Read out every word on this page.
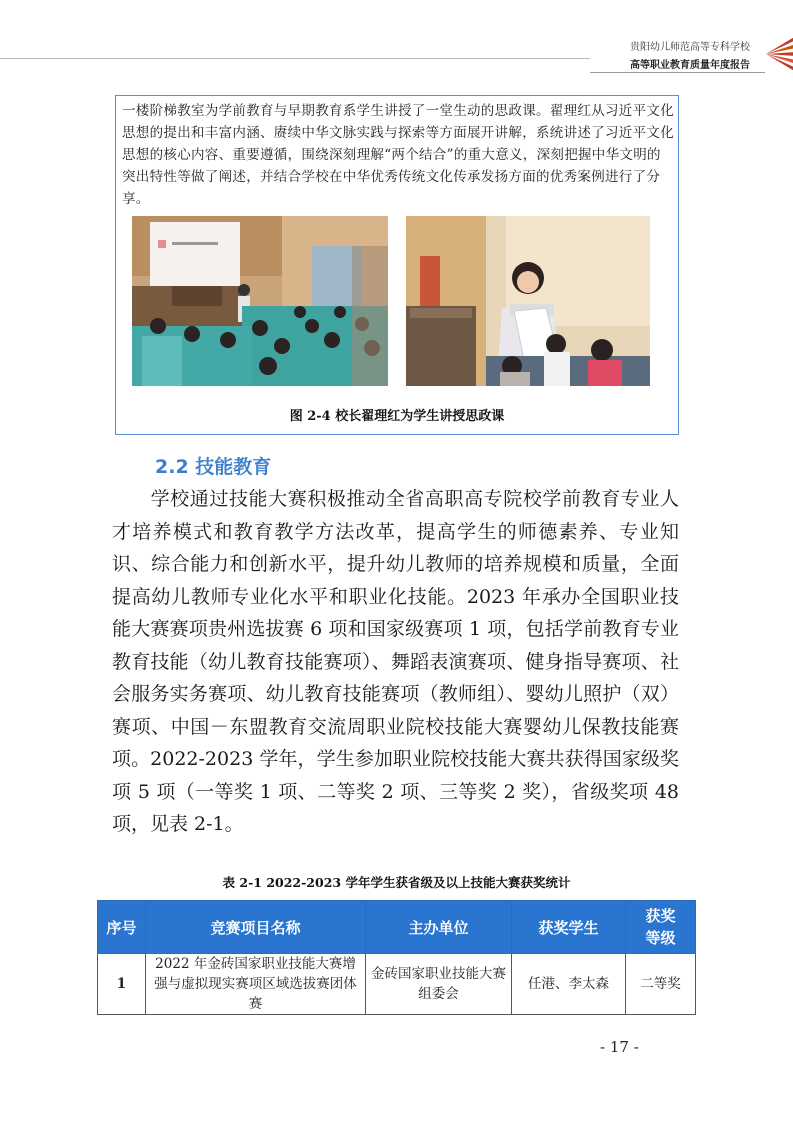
贵阳幼儿师范高等专科学校
高等职业教育质量年度报告
一楼阶梯教室为学前教育与早期教育系学生讲授了一堂生动的思政课。翟理红从习近平文化思想的提出和丰富内涵、赓续中华文脉实践与探索等方面展开讲解，系统讲述了习近平文化思想的核心内容、重要遵循，围绕深刻理解“两个结合”的重大意义，深刻把握中华文明的突出特性等做了阐述，并结合学校在中华优秀传统文化传承发扬方面的优秀案例进行了分享。
图 2-4 校长翟理红为学生讲授思政课
2.2 技能教育
学校通过技能大赛积极推动全省高职高专院校学前教育专业人才培养模式和教育教学方法改革，提高学生的师德素养、专业知识、综合能力和创新水平，提升幼儿教师的培养规模和质量，全面提高幼儿教师专业化水平和职业化技能。2023 年承办全国职业技能大赛赛项贵州选拔赛 6 项和国家级赛项 1 项，包括学前教育专业教育技能（幼儿教育技能赛项）、舞蹈表演赛项、健身指导赛项、社会服务实务赛项、幼儿教育技能赛项（教师组）、婴幼儿照护（双）赛项、中国－东盟教育交流周职业院校技能大赛婴幼儿保教技能赛项。2022-2023 学年，学生参加职业院校技能大赛共获得国家级奖项 5 项（一等奖 1 项、二等奖 2 项、三等奖 2 奖），省级奖项 48 项，见表 2-1。
表 2-1 2022-2023 学年学生获省级及以上技能大赛获奖统计
序号	竞赛项目名称	主办单位	获奖学生	获奖等级
1	2022 年金砖国家职业技能大赛增强与虚拟现实赛项区域选拔赛团体赛	金砖国家职业技能大赛组委会	任港、李太森	二等奖
- 17 -
